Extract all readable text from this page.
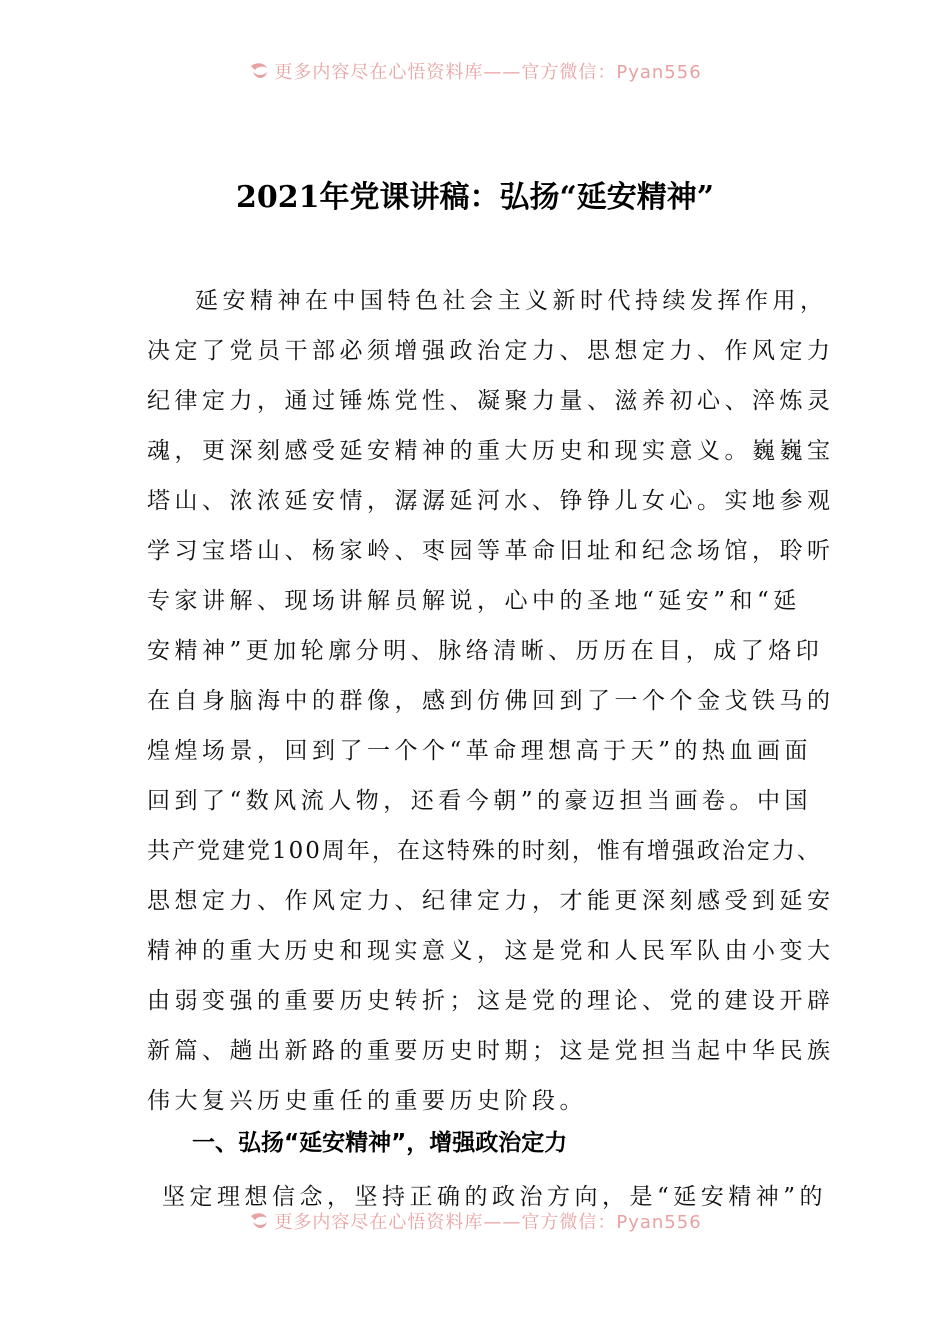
更多内容尽在心悟资料库——官方微信：Pyan556
2021年党课讲稿：弘扬“延安精神”
延安精神在中国特色社会主义新时代持续发挥作用，
决定了党员干部必须增强政治定力、思想定力、作风定力
纪律定力，通过锤炼党性、凝聚力量、滋养初心、淬炼灵
魂，更深刻感受延安精神的重大历史和现实意义。巍巍宝
塔山、浓浓延安情，潺潺延河水、铮铮儿女心。实地参观
学习宝塔山、杨家岭、枣园等革命旧址和纪念场馆，聆听
专家讲解、现场讲解员解说，心中的圣地“延安”和“延
安精神”更加轮廓分明、脉络清晰、历历在目，成了烙印
在自身脑海中的群像，感到仿佛回到了一个个金戈铁马的
煌煌场景，回到了一个个“革命理想高于天”的热血画面
回到了“数风流人物，还看今朝”的豪迈担当画卷。中国
共产党建党100周年，在这特殊的时刻，惟有增强政治定力、
思想定力、作风定力、纪律定力，才能更深刻感受到延安
精神的重大历史和现实意义，这是党和人民军队由小变大
由弱变强的重要历史转折；这是党的理论、党的建设开辟
新篇、趟出新路的重要历史时期；这是党担当起中华民族
伟大复兴历史重任的重要历史阶段。
一、弘扬“延安精神”，增强政治定力
坚定理想信念，坚持正确的政治方向，是“延安精神”的
更多内容尽在心悟资料库——官方微信：Pyan556
